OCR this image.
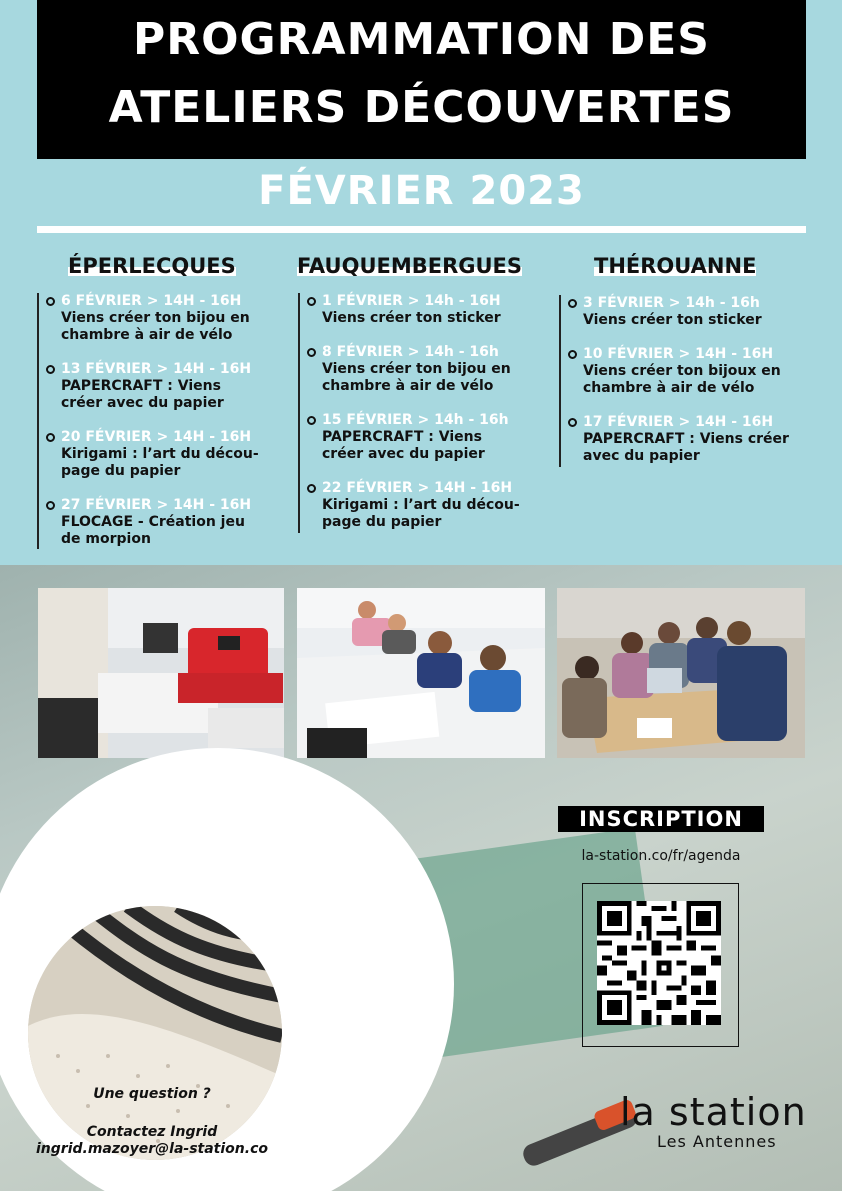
PROGRAMMATION DES
ATELIERS DÉCOUVERTES
FÉVRIER 2023
ÉPERLECQUES	FAUQUEMBERGUES	THÉROUANNE
6 FÉVRIER > 14H - 16H
Viens créer ton bijou en
chambre à air de vélo
13 FÉVRIER > 14H - 16H
PAPERCRAFT : Viens
créer avec du papier
20 FÉVRIER > 14H - 16H
Kirigami : l’art du décou-
page du papier
27 FÉVRIER > 14H - 16H
FLOCAGE - Création jeu
de morpion
1 FÉVRIER > 14h - 16H
Viens créer ton sticker
8 FÉVRIER > 14h - 16h
Viens créer ton bijou en
chambre à air de vélo
15 FÉVRIER > 14h - 16h
PAPERCRAFT : Viens
créer avec du papier
22 FÉVRIER > 14H - 16H
Kirigami : l’art du décou-
page du papier
3 FÉVRIER > 14h - 16h
Viens créer ton sticker
10 FÉVRIER > 14H - 16H
Viens créer ton bijoux en
chambre à air de vélo
17 FÉVRIER > 14H - 16H
PAPERCRAFT : Viens créer
avec du papier
Une question ?
Contactez Ingrid
ingrid.mazoyer@la-station.co
INSCRIPTION
la-station.co/fr/agenda
la station
Les Antennes
